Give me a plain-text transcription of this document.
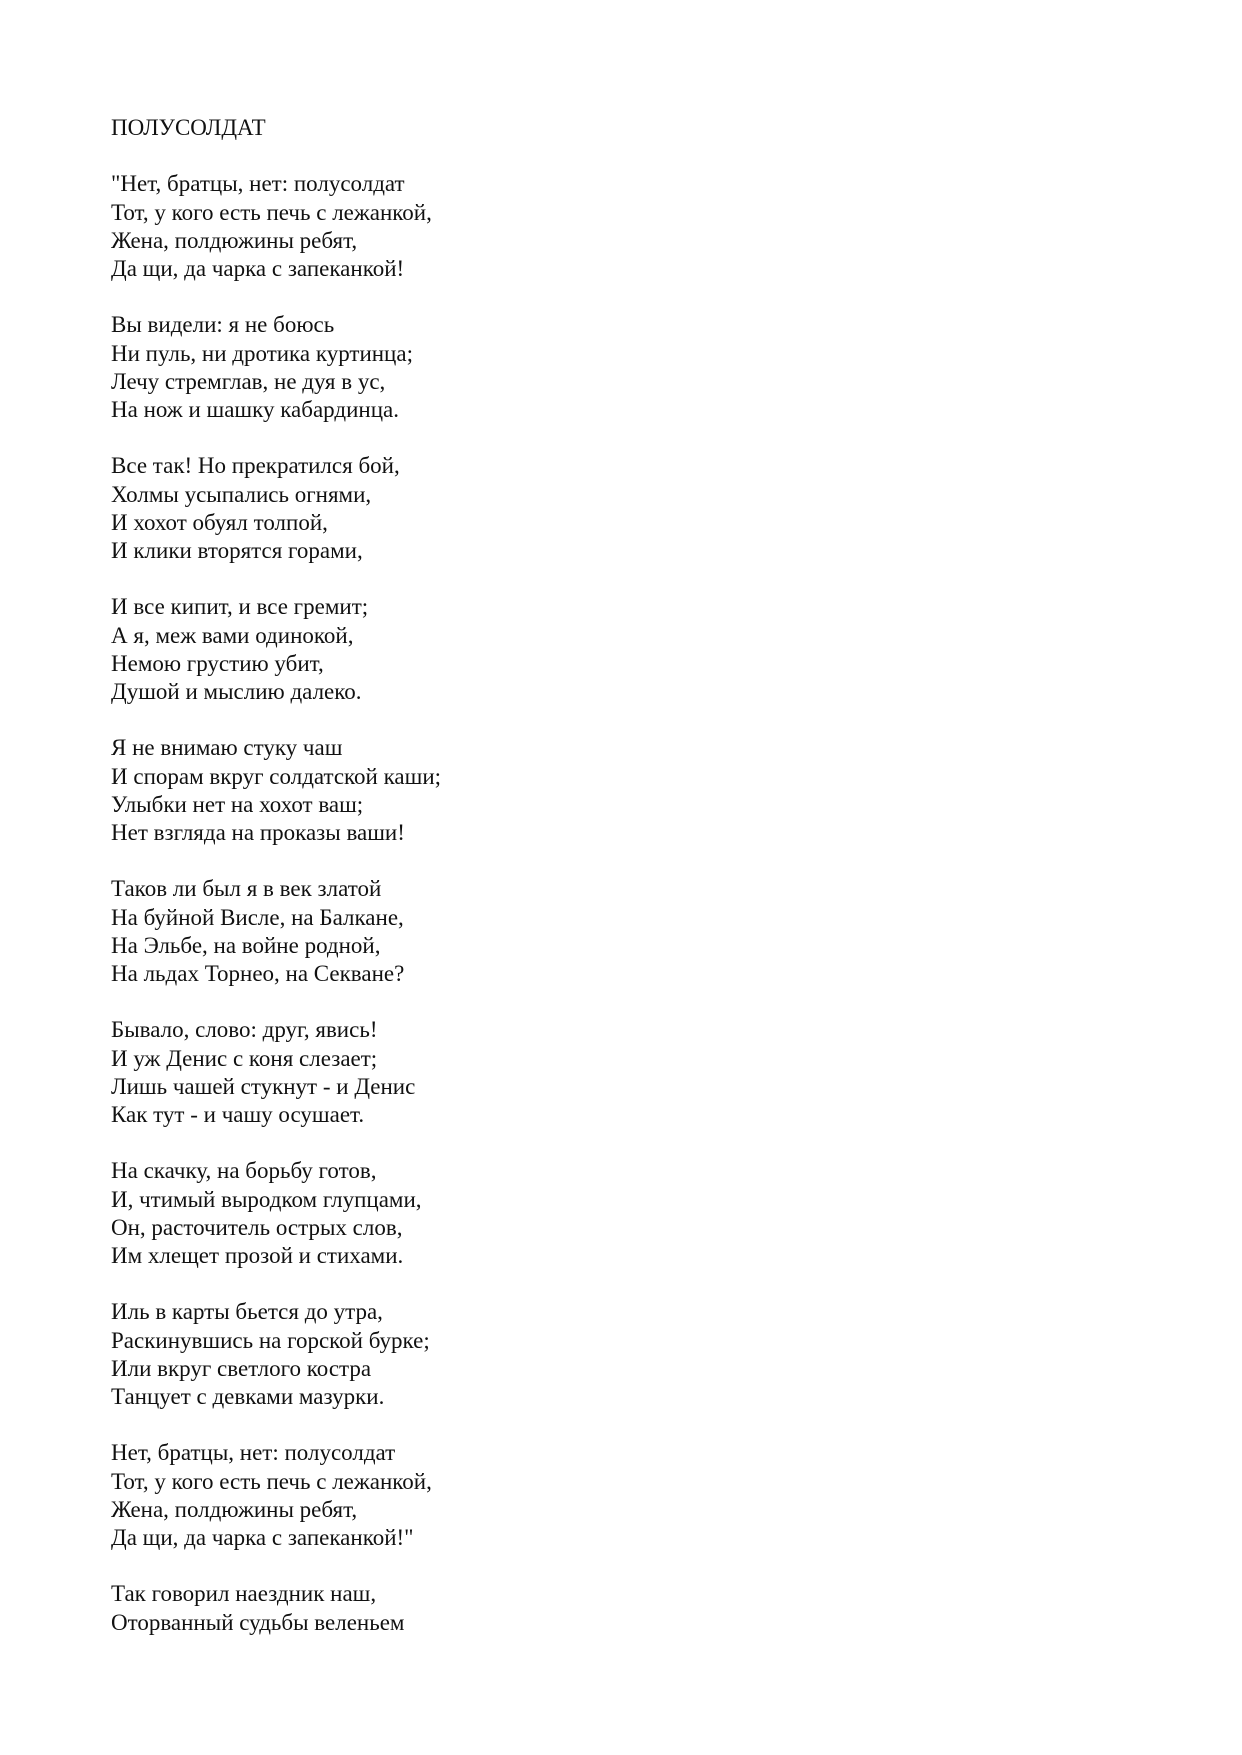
ПОЛУСОЛДАТ
"Нет, братцы, нет: полусолдат
Тот, у кого есть печь с лежанкой,
Жена, полдюжины ребят,
Да щи, да чарка с запеканкой!
Вы видели: я не боюсь
Ни пуль, ни дротика куртинца;
Лечу стремглав, не дуя в ус,
На нож и шашку кабардинца.
Все так! Но прекратился бой,
Холмы усыпались огнями,
И хохот обуял толпой,
И клики вторятся горами,
И все кипит, и все гремит;
А я, меж вами одинокой,
Немою грустию убит,
Душой и мыслию далеко.
Я не внимаю стуку чаш
И спорам вкруг солдатской каши;
Улыбки нет на хохот ваш;
Нет взгляда на проказы ваши!
Таков ли был я в век златой
На буйной Висле, на Балкане,
На Эльбе, на войне родной,
На льдах Торнео, на Секване?
Бывало, слово: друг, явись!
И уж Денис с коня слезает;
Лишь чашей стукнут - и Денис
Как тут - и чашу осушает.
На скачку, на борьбу готов,
И, чтимый выродком глупцами,
Он, расточитель острых слов,
Им хлещет прозой и стихами.
Иль в карты бьется до утра,
Раскинувшись на горской бурке;
Или вкруг светлого костра
Танцует с девками мазурки.
Нет, братцы, нет: полусолдат
Тот, у кого есть печь с лежанкой,
Жена, полдюжины ребят,
Да щи, да чарка с запеканкой!"
Так говорил наездник наш,
Оторванный судьбы веленьем
